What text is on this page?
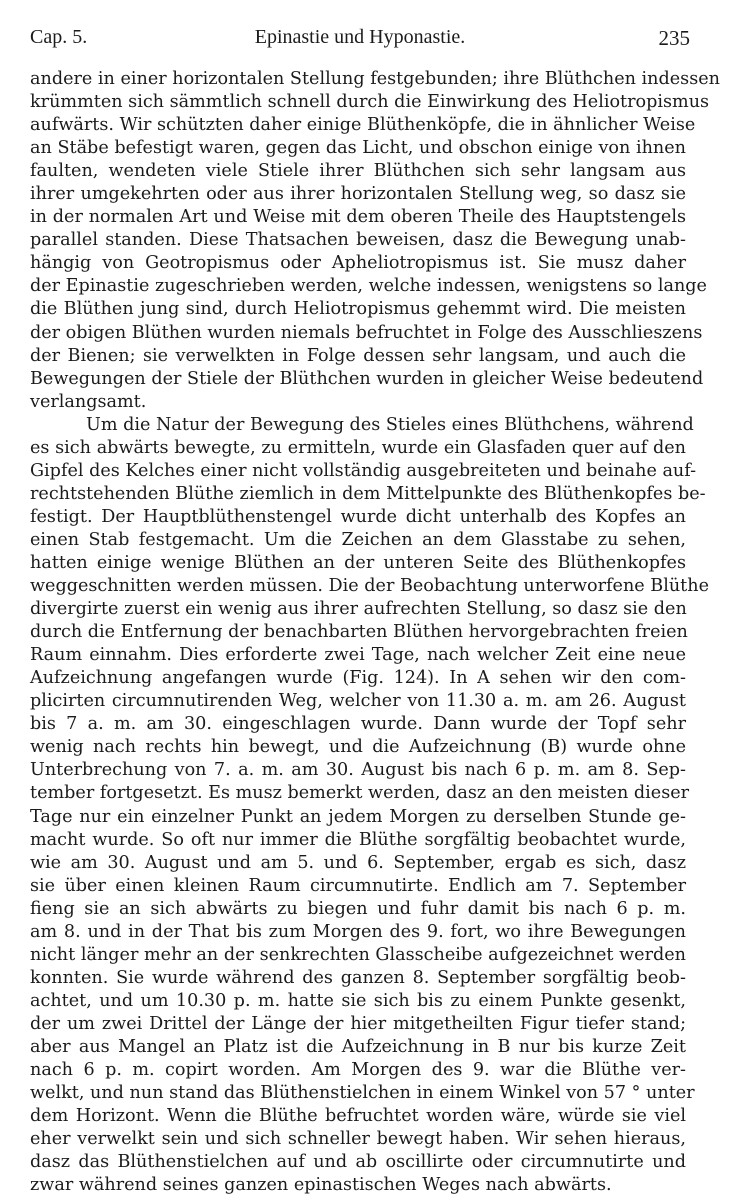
Cap. 5.	Epinastie und Hyponastie.	235
andere in einer horizontalen Stellung festgebunden; ihre Blüthchen indessen
krümmten sich sämmtlich schnell durch die Einwirkung des Heliotropismus
aufwärts. Wir schützten daher einige Blüthenköpfe, die in ähnlicher Weise
an Stäbe befestigt waren, gegen das Licht, und obschon einige von ihnen
faulten, wendeten viele Stiele ihrer Blüthchen sich sehr langsam aus
ihrer umgekehrten oder aus ihrer horizontalen Stellung weg, so dasz sie
in der normalen Art und Weise mit dem oberen Theile des Hauptstengels
parallel standen. Diese Thatsachen beweisen, dasz die Bewegung unab-
hängig von Geotropismus oder Apheliotropismus ist. Sie musz daher
der Epinastie zugeschrieben werden, welche indessen, wenigstens so lange
die Blüthen jung sind, durch Heliotropismus gehemmt wird. Die meisten
der obigen Blüthen wurden niemals befruchtet in Folge des Ausschlieszens
der Bienen; sie verwelkten in Folge dessen sehr langsam, und auch die
Bewegungen der Stiele der Blüthchen wurden in gleicher Weise bedeutend
verlangsamt.
Um die Natur der Bewegung des Stieles eines Blüthchens, während
es sich abwärts bewegte, zu ermitteln, wurde ein Glasfaden quer auf den
Gipfel des Kelches einer nicht vollständig ausgebreiteten und beinahe auf-
rechtstehenden Blüthe ziemlich in dem Mittelpunkte des Blüthenkopfes be-
festigt. Der Hauptblüthenstengel wurde dicht unterhalb des Kopfes an
einen Stab festgemacht. Um die Zeichen an dem Glasstabe zu sehen,
hatten einige wenige Blüthen an der unteren Seite des Blüthenkopfes
weggeschnitten werden müssen. Die der Beobachtung unterworfene Blüthe
divergirte zuerst ein wenig aus ihrer aufrechten Stellung, so dasz sie den
durch die Entfernung der benachbarten Blüthen hervorgebrachten freien
Raum einnahm. Dies erforderte zwei Tage, nach welcher Zeit eine neue
Aufzeichnung angefangen wurde (Fig. 124). In A sehen wir den com-
plicirten circumnutirenden Weg, welcher von 11.30 a. m. am 26. August
bis 7 a. m. am 30. eingeschlagen wurde. Dann wurde der Topf sehr
wenig nach rechts hin bewegt, und die Aufzeichnung (B) wurde ohne
Unterbrechung von 7. a. m. am 30. August bis nach 6 p. m. am 8. Sep-
tember fortgesetzt. Es musz bemerkt werden, dasz an den meisten dieser
Tage nur ein einzelner Punkt an jedem Morgen zu derselben Stunde ge-
macht wurde. So oft nur immer die Blüthe sorgfältig beobachtet wurde,
wie am 30. August und am 5. und 6. September, ergab es sich, dasz
sie über einen kleinen Raum circumnutirte. Endlich am 7. September
fieng sie an sich abwärts zu biegen und fuhr damit bis nach 6 p. m.
am 8. und in der That bis zum Morgen des 9. fort, wo ihre Bewegungen
nicht länger mehr an der senkrechten Glasscheibe aufgezeichnet werden
konnten. Sie wurde während des ganzen 8. September sorgfältig beob-
achtet, und um 10.30 p. m. hatte sie sich bis zu einem Punkte gesenkt,
der um zwei Drittel der Länge der hier mitgetheilten Figur tiefer stand;
aber aus Mangel an Platz ist die Aufzeichnung in B nur bis kurze Zeit
nach 6 p. m. copirt worden. Am Morgen des 9. war die Blüthe ver-
welkt, und nun stand das Blüthenstielchen in einem Winkel von 57 ° unter
dem Horizont. Wenn die Blüthe befruchtet worden wäre, würde sie viel
eher verwelkt sein und sich schneller bewegt haben. Wir sehen hieraus,
dasz das Blüthenstielchen auf und ab oscillirte oder circumnutirte und
zwar während seines ganzen epinastischen Weges nach abwärts.
